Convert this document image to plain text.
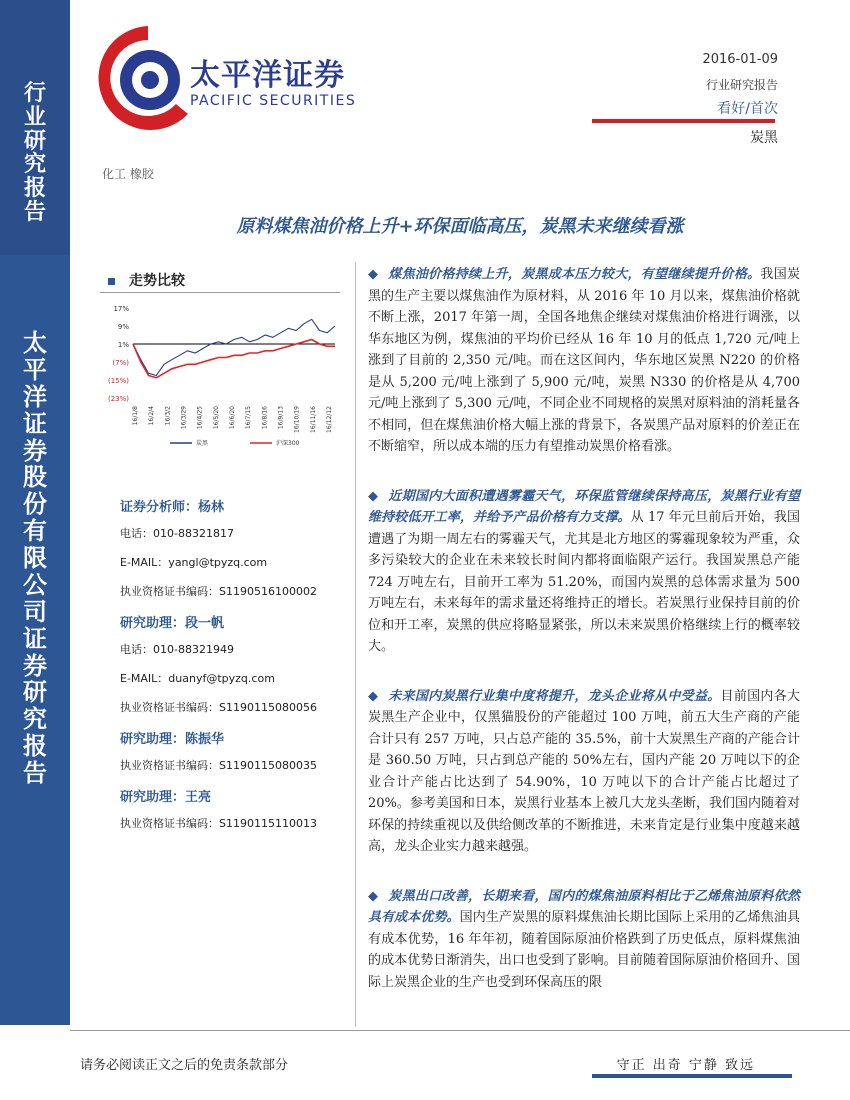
行
业
研
究
报
告
太
平
洋
证
券
股
份
有
限
公
司
证
券
研
究
报
告
太平洋证券
PACIFIC SECURITIES
2016-01-09
行业研究报告
看好/首次
炭黑
化工 橡胶
原料煤焦油价格上升+环保面临高压，炭黑未来继续看涨
走势比较
17%
9%
1%
(7%)
(15%)
(23%)
16/1/8 16/2/4 16/3/2 16/3/29 16/4/25 16/5/20 16/6/20 16/7/15 16/8/16 16/9/13 16/10/19 16/11/16 16/12/12
炭黑	沪深300
证券分析师：杨林
电话：010-88321817
E-MAIL：yangl@tpyzq.com
执业资格证书编码：S1190516100002
研究助理：段一帆
电话：010-88321949
E-MAIL：duanyf@tpyzq.com
执业资格证书编码：S1190115080056
研究助理：陈振华
执业资格证书编码：S1190115080035
研究助理：王亮
执业资格证书编码：S1190115110013

◆ 煤焦油价格持续上升，炭黑成本压力较大，有望继续提升价格。我国炭黑的生产主要以煤焦油作为原材料，从 2016 年 10 月以来，煤焦油价格就不断上涨，2017 年第一周，全国各地焦企继续对煤焦油价格进行调涨，以华东地区为例，煤焦油的平均价已经从 16 年 10 月的低点 1,720 元/吨上涨到了目前的 2,350 元/吨。而在这区间内，华东地区炭黑 N220 的价格是从 5,200 元/吨上涨到了 5,900 元/吨，炭黑 N330 的价格是从 4,700 元/吨上涨到了 5,300 元/吨，不同企业不同规格的炭黑对原料油的消耗量各不相同，但在煤焦油价格大幅上涨的背景下，各炭黑产品对原料的价差正在不断缩窄，所以成本端的压力有望推动炭黑价格看涨。

◆ 近期国内大面积遭遇雾霾天气，环保监管继续保持高压，炭黑行业有望维持较低开工率，并给予产品价格有力支撑。从 17 年元旦前后开始，我国遭遇了为期一周左右的雾霾天气，尤其是北方地区的雾霾现象较为严重，众多污染较大的企业在未来较长时间内都将面临限产运行。我国炭黑总产能 724 万吨左右，目前开工率为 51.20%，而国内炭黑的总体需求量为 500 万吨左右，未来每年的需求量还将维持正的增长。若炭黑行业保持目前的价位和开工率，炭黑的供应将略显紧张，所以未来炭黑价格继续上行的概率较大。

◆ 未来国内炭黑行业集中度将提升，龙头企业将从中受益。目前国内各大炭黑生产企业中，仅黑猫股份的产能超过 100 万吨，前五大生产商的产能合计只有 257 万吨，只占总产能的 35.5%，前十大炭黑生产商的产能合计是 360.50 万吨，只占到总产能的 50%左右，国内产能 20 万吨以下的企业合计产能占比达到了 54.90%，10 万吨以下的合计产能占比超过了 20%。参考美国和日本，炭黑行业基本上被几大龙头垄断，我们国内随着对环保的持续重视以及供给侧改革的不断推进，未来肯定是行业集中度越来越高，龙头企业实力越来越强。

◆ 炭黑出口改善，长期来看，国内的煤焦油原料相比于乙烯焦油原料依然具有成本优势。国内生产炭黑的原料煤焦油长期比国际上采用的乙烯焦油具有成本优势，16 年年初，随着国际原油价格跌到了历史低点，原料煤焦油的成本优势日渐消失，出口也受到了影响。目前随着国际原油价格回升、国际上炭黑企业的生产也受到环保高压的限

请务必阅读正文之后的免责条款部分	守正 出奇 宁静 致远
